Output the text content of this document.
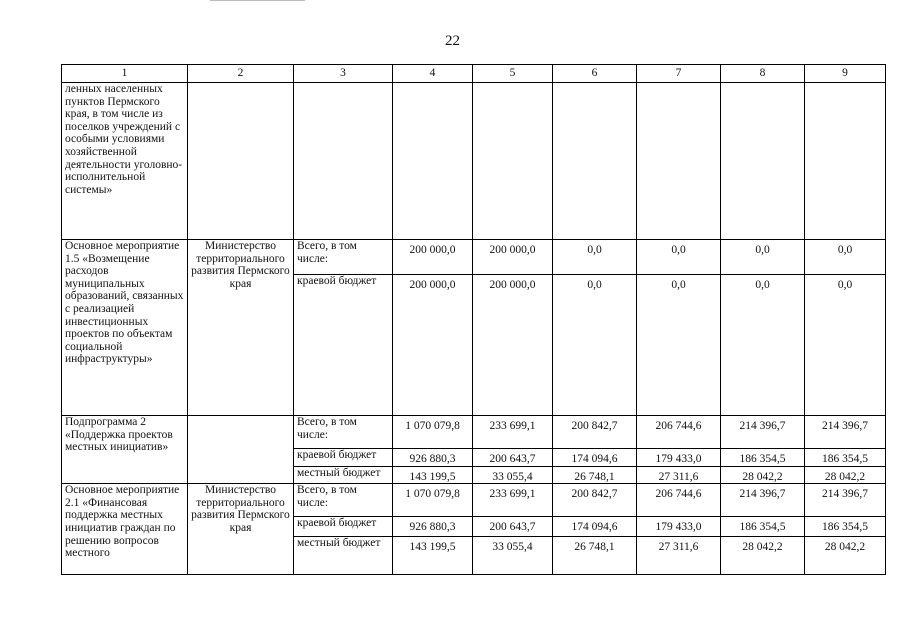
22
1	2	3	4	5	6	7	8	9
ленных населенных пунктов Пермского края, в том числе из поселков учреждений с особыми условиями хозяйственной деятельности уголовно-исполнительной системы»								
Основное мероприятие 1.5 «Возмещение расходов муниципальных образований, связанных с реализацией инвестиционных проектов по объектам социальной инфраструктуры»	Министерство территориального развития Пермского края	Всего, в том числе:	200 000,0	200 000,0	0,0	0,0	0,0	0,0
		краевой бюджет	200 000,0	200 000,0	0,0	0,0	0,0	0,0
Подпрограмма 2 «Поддержка проектов местных инициатив»		Всего, в том числе:	1 070 079,8	233 699,1	200 842,7	206 744,6	214 396,7	214 396,7
		краевой бюджет	926 880,3	200 643,7	174 094,6	179 433,0	186 354,5	186 354,5
		местный бюджет	143 199,5	33 055,4	26 748,1	27 311,6	28 042,2	28 042,2
Основное мероприятие 2.1 «Финансовая поддержка местных инициатив граждан по решению вопросов местного	Министерство территориального развития Пермского края	Всего, в том числе:	1 070 079,8	233 699,1	200 842,7	206 744,6	214 396,7	214 396,7
		краевой бюджет	926 880,3	200 643,7	174 094,6	179 433,0	186 354,5	186 354,5
		местный бюджет	143 199,5	33 055,4	26 748,1	27 311,6	28 042,2	28 042,2
